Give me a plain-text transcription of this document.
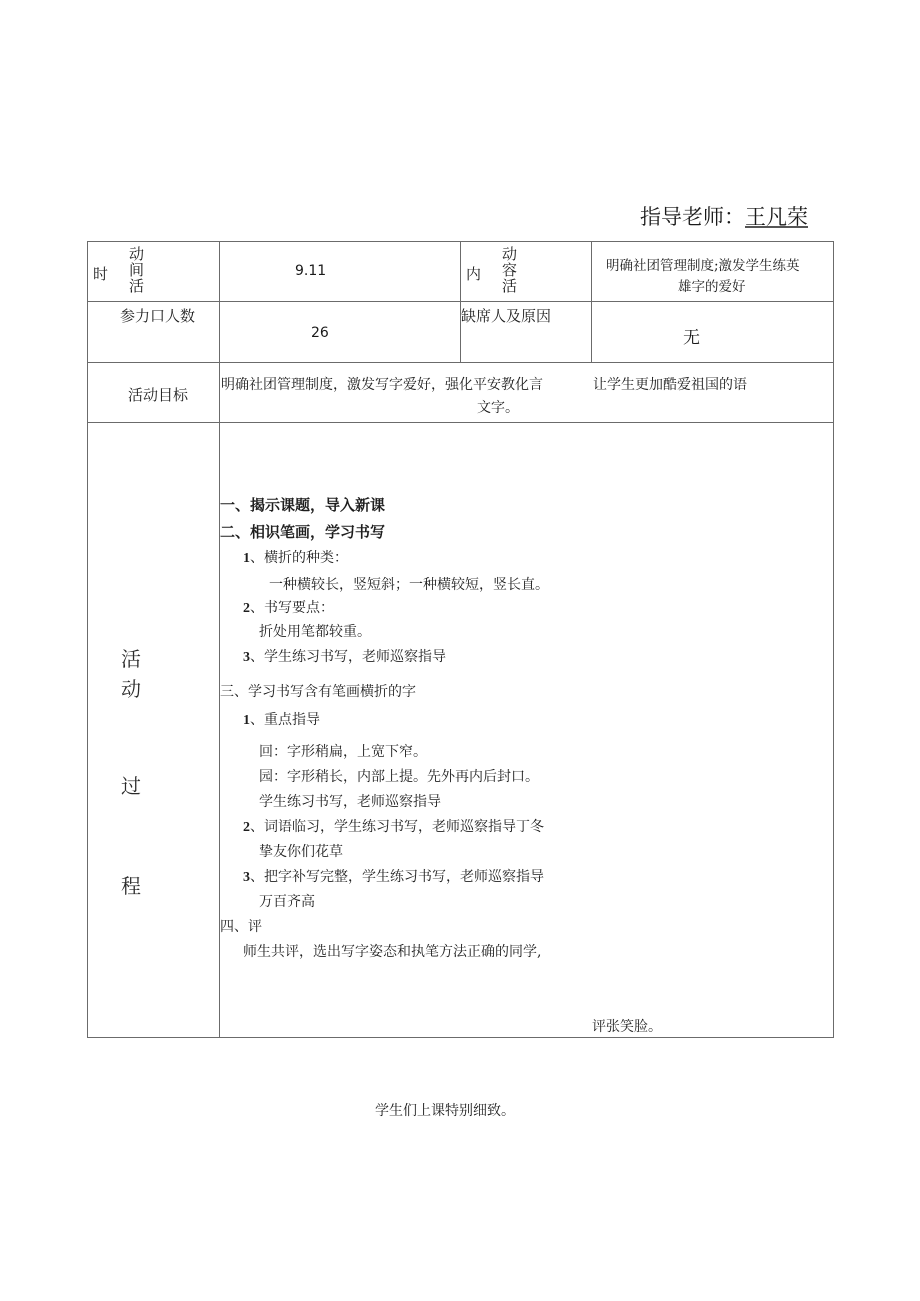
指导老师：王凡荣
时
动
间
活
9.11	内
动
容
活
明确社团管理制度;激发学生练英
雄字的爱好
参力口人数
26
缺席人及原因
无
活动目标
明确社团管理制度，激发写字爱好，强化平安教化言	让学生更加酷爱祖国的语
文字。
活
动
过
程
一、揭示课题，导入新课
二、相识笔画，学习书写
1、横折的种类：
一种横较长，竖短斜；一种横较短，竖长直。
2、书写要点：
折处用笔都较重。
3、学生练习书写，老师巡察指导
三、学习书写含有笔画横折的字
1、重点指导
回：字形稍扁，上宽下窄。
园：字形稍长，内部上提。先外再内后封口。
学生练习书写，老师巡察指导
2、词语临习，学生练习书写，老师巡察指导丁冬
挚友你们花草
3、把字补写完整，学生练习书写，老师巡察指导
万百齐高
四、评
师生共评，选出写字姿态和执笔方法正确的同学,
评张笑脸。
学生们上课特别细致。
